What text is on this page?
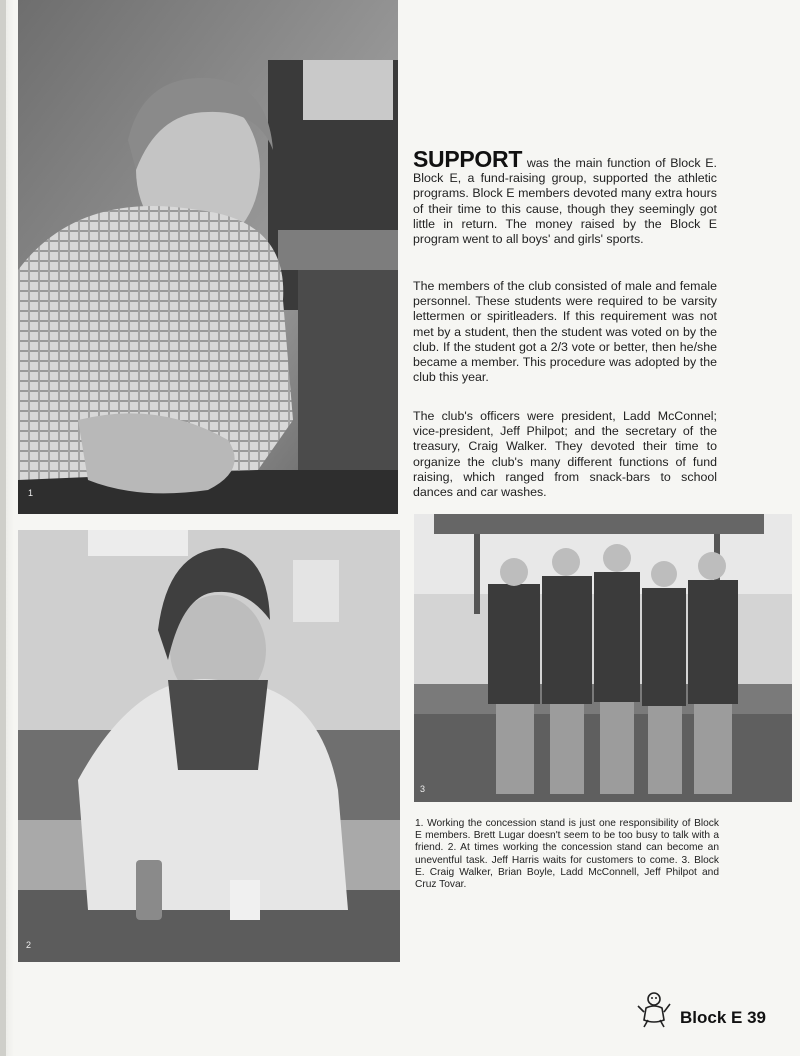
1
2
3

SUPPORT was the main function of Block E. Block E, a fund-raising group, supported the athletic programs. Block E members devoted many extra hours of their time to this cause, though they seemingly got little in return. The money raised by the Block E program went to all boys' and girls' sports.

The members of the club consisted of male and female personnel. These students were required to be varsity lettermen or spiritleaders. If this requirement was not met by a student, then the student was voted on by the club. If the student got a 2/3 vote or better, then he/she became a member. This procedure was adopted by the club this year.

The club's officers were president, Ladd McConnel; vice-president, Jeff Philpot; and the secretary of the treasury, Craig Walker. They devoted their time to organize the club's many different functions of fund raising, which ranged from snack-bars to school dances and car washes.

1. Working the concession stand is just one responsibility of Block E members. Brett Lugar doesn't seem to be too busy to talk with a friend. 2. At times working the concession stand can become an uneventful task. Jeff Harris waits for customers to come. 3. Block E. Craig Walker, Brian Boyle, Ladd McConnell, Jeff Philpot and Cruz Tovar.
Block E 39
